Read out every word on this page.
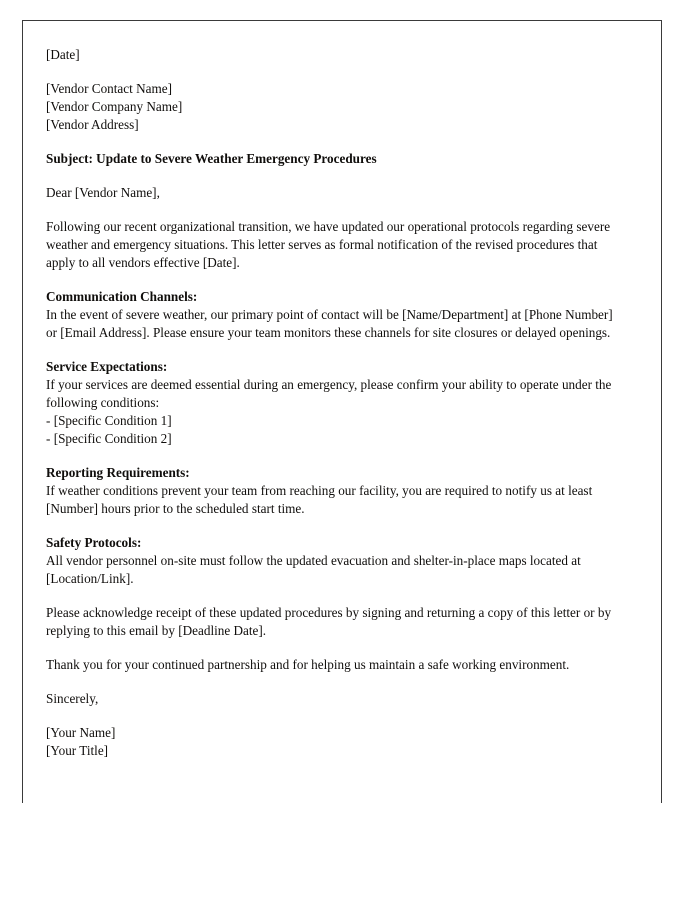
[Date]
[Vendor Contact Name]
[Vendor Company Name]
[Vendor Address]
Subject: Update to Severe Weather Emergency Procedures
Dear [Vendor Name],
Following our recent organizational transition, we have updated our operational protocols regarding severe weather and emergency situations. This letter serves as formal notification of the revised procedures that apply to all vendors effective [Date].
Communication Channels:
In the event of severe weather, our primary point of contact will be [Name/Department] at [Phone Number] or [Email Address]. Please ensure your team monitors these channels for site closures or delayed openings.
Service Expectations:
If your services are deemed essential during an emergency, please confirm your ability to operate under the following conditions:
- [Specific Condition 1]
- [Specific Condition 2]
Reporting Requirements:
If weather conditions prevent your team from reaching our facility, you are required to notify us at least [Number] hours prior to the scheduled start time.
Safety Protocols:
All vendor personnel on-site must follow the updated evacuation and shelter-in-place maps located at [Location/Link].
Please acknowledge receipt of these updated procedures by signing and returning a copy of this letter or by replying to this email by [Deadline Date].
Thank you for your continued partnership and for helping us maintain a safe working environment.
Sincerely,
[Your Name]
[Your Title]
